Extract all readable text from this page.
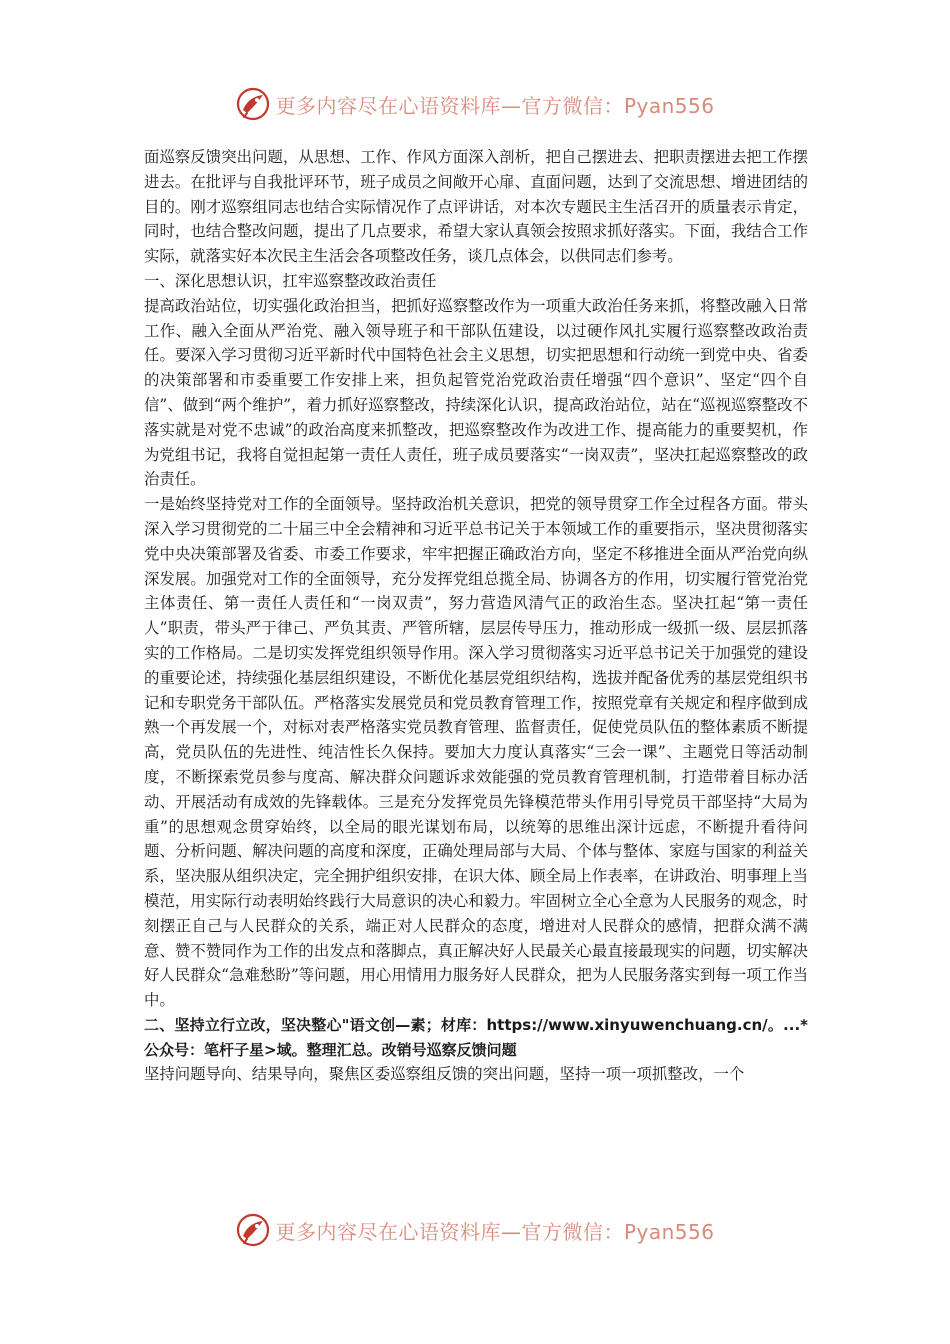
更多内容尽在心语资料库—官方微信：Pyan556

面巡察反馈突出问题，从思想、工作、作风方面深入剖析，把自己摆进去、把职责摆进去把工作摆进去。在批评与自我批评环节，班子成员之间敞开心扉、直面问题，达到了交流思想、增进团结的目的。刚才巡察组同志也结合实际情况作了点评讲话，对本次专题民主生活召开的质量表示肯定，同时，也结合整改问题，提出了几点要求，希望大家认真领会按照求抓好落实。下面，我结合工作实际，就落实好本次民主生活会各项整改任务，谈几点体会，以供同志们参考。

一、深化思想认识，扛牢巡察整改政治责任

提高政治站位，切实强化政治担当，把抓好巡察整改作为一项重大政治任务来抓，将整改融入日常工作、融入全面从严治党、融入领导班子和干部队伍建设，以过硬作风扎实履行巡察整改政治责任。要深入学习贯彻习近平新时代中国特色社会主义思想，切实把思想和行动统一到党中央、省委的决策部署和市委重要工作安排上来，担负起管党治党政治责任增强“四个意识”、坚定“四个自信”、做到“两个维护”，着力抓好巡察整改，持续深化认识，提高政治站位，站在“巡视巡察整改不落实就是对党不忠诚”的政治高度来抓整改，把巡察整改作为改进工作、提高能力的重要契机，作为党组书记，我将自觉担起第一责任人责任，班子成员要落实“一岗双责”，坚决扛起巡察整改的政治责任。

一是始终坚持党对工作的全面领导。坚持政治机关意识，把党的领导贯穿工作全过程各方面。带头深入学习贯彻党的二十届三中全会精神和习近平总书记关于本领域工作的重要指示，坚决贯彻落实党中央决策部署及省委、市委工作要求，牢牢把握正确政治方向，坚定不移推进全面从严治党向纵深发展。加强党对工作的全面领导，充分发挥党组总揽全局、协调各方的作用，切实履行管党治党主体责任、第一责任人责任和“一岗双责”，努力营造风清气正的政治生态。坚决扛起“第一责任人”职责，带头严于律己、严负其责、严管所辖，层层传导压力，推动形成一级抓一级、层层抓落实的工作格局。二是切实发挥党组织领导作用。深入学习贯彻落实习近平总书记关于加强党的建设的重要论述，持续强化基层组织建设，不断优化基层党组织结构，选拔并配备优秀的基层党组织书记和专职党务干部队伍。严格落实发展党员和党员教育管理工作，按照党章有关规定和程序做到成熟一个再发展一个，对标对表严格落实党员教育管理、监督责任，促使党员队伍的整体素质不断提高，党员队伍的先进性、纯洁性长久保持。要加大力度认真落实“三会一课”、主题党日等活动制度，不断探索党员参与度高、解决群众问题诉求效能强的党员教育管理机制，打造带着目标办活动、开展活动有成效的先锋载体。三是充分发挥党员先锋模范带头作用引导党员干部坚持“大局为重”的思想观念贯穿始终，以全局的眼光谋划布局，以统筹的思维出深计远虑，不断提升看待问题、分析问题、解决问题的高度和深度，正确处理局部与大局、个体与整体、家庭与国家的利益关系，坚决服从组织决定，完全拥护组织安排，在识大体、顾全局上作表率，在讲政治、明事理上当模范，用实际行动表明始终践行大局意识的决心和毅力。牢固树立全心全意为人民服务的观念，时刻摆正自己与人民群众的关系，端正对人民群众的态度，增进对人民群众的感情，把群众满不满意、赞不赞同作为工作的出发点和落脚点，真正解决好人民最关心最直接最现实的问题，切实解决好人民群众“急难愁盼”等问题，用心用情用力服务好人民群众，把为人民服务落实到每一项工作当中。

二、坚持立行立改，坚决整心"语文创—素；材库：https://www.xinyuwenchuang.cn/。...*公众号：笔杆子星>域。整理汇总。改销号巡察反馈问题

坚持问题导向、结果导向，聚焦区委巡察组反馈的突出问题，坚持一项一项抓整改，一个

更多内容尽在心语资料库—官方微信：Pyan556
